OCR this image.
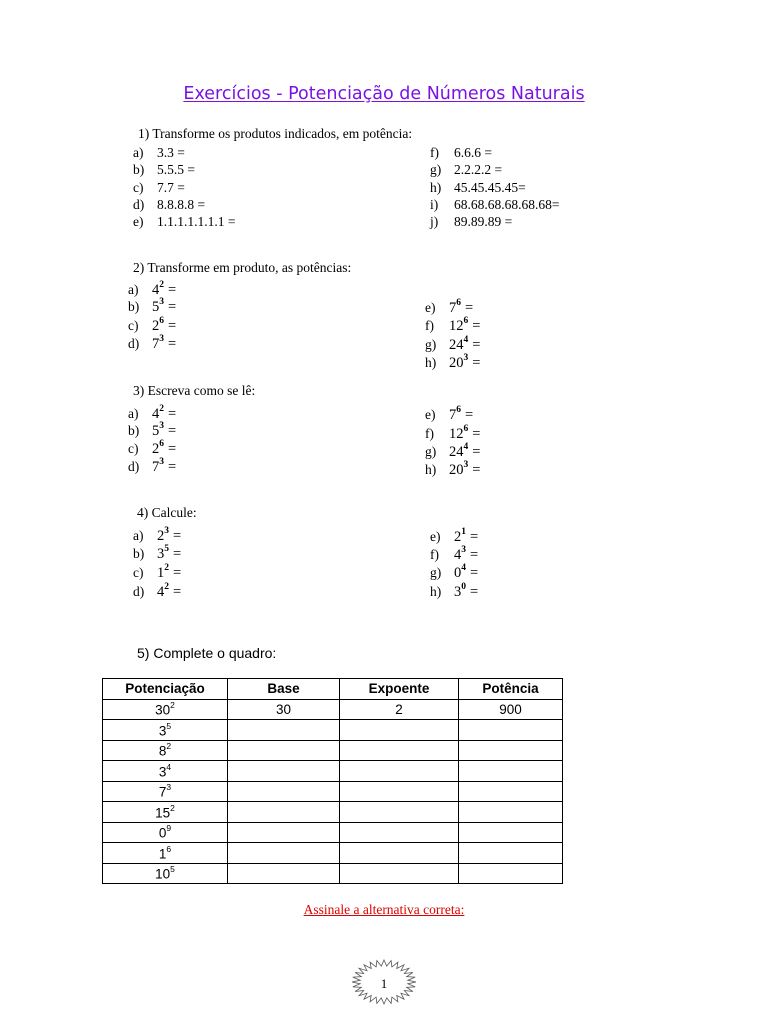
Exercícios - Potenciação de Números Naturais
1) Transforme os produtos indicados, em potência:
a) 3.3 =
b) 5.5.5 =
c) 7.7 =
d) 8.8.8.8 =
e) 1.1.1.1.1.1.1 =
f) 6.6.6 =
g) 2.2.2.2 =
h) 45.45.45.45=
i) 68.68.68.68.68.68=
j) 89.89.89 =
2) Transforme em produto, as potências:
a) $4^2$ =
b) $5^3$ =
c) $2^6$ =
d) $7^3$ =
e) $7^6$ =
f) $12^6$ =
g) $24^4$ =
h) $20^3$ =
3) Escreva como se lê:
a) $4^2$ =
b) $5^3$ =
c) $2^6$ =
d) $7^3$ =
e) $7^6$ =
f) $12^6$ =
g) $24^4$ =
h) $20^3$ =
4) Calcule:
a) $2^3$ =
b) $3^5$ =
c) $1^2$ =
d) $4^2$ =
e) $2^1$ =
f) $4^3$ =
g) $0^4$ =
h) $3^0$ =
5) Complete o quadro:
Potenciação	Base	Expoente	Potência
$30^2$	30	2	900
$3^5$			
$8^2$			
$3^4$			
$7^3$			
$15^2$			
$0^9$			
$1^6$			
$10^5$			
Assinale a alternativa correta:
1
